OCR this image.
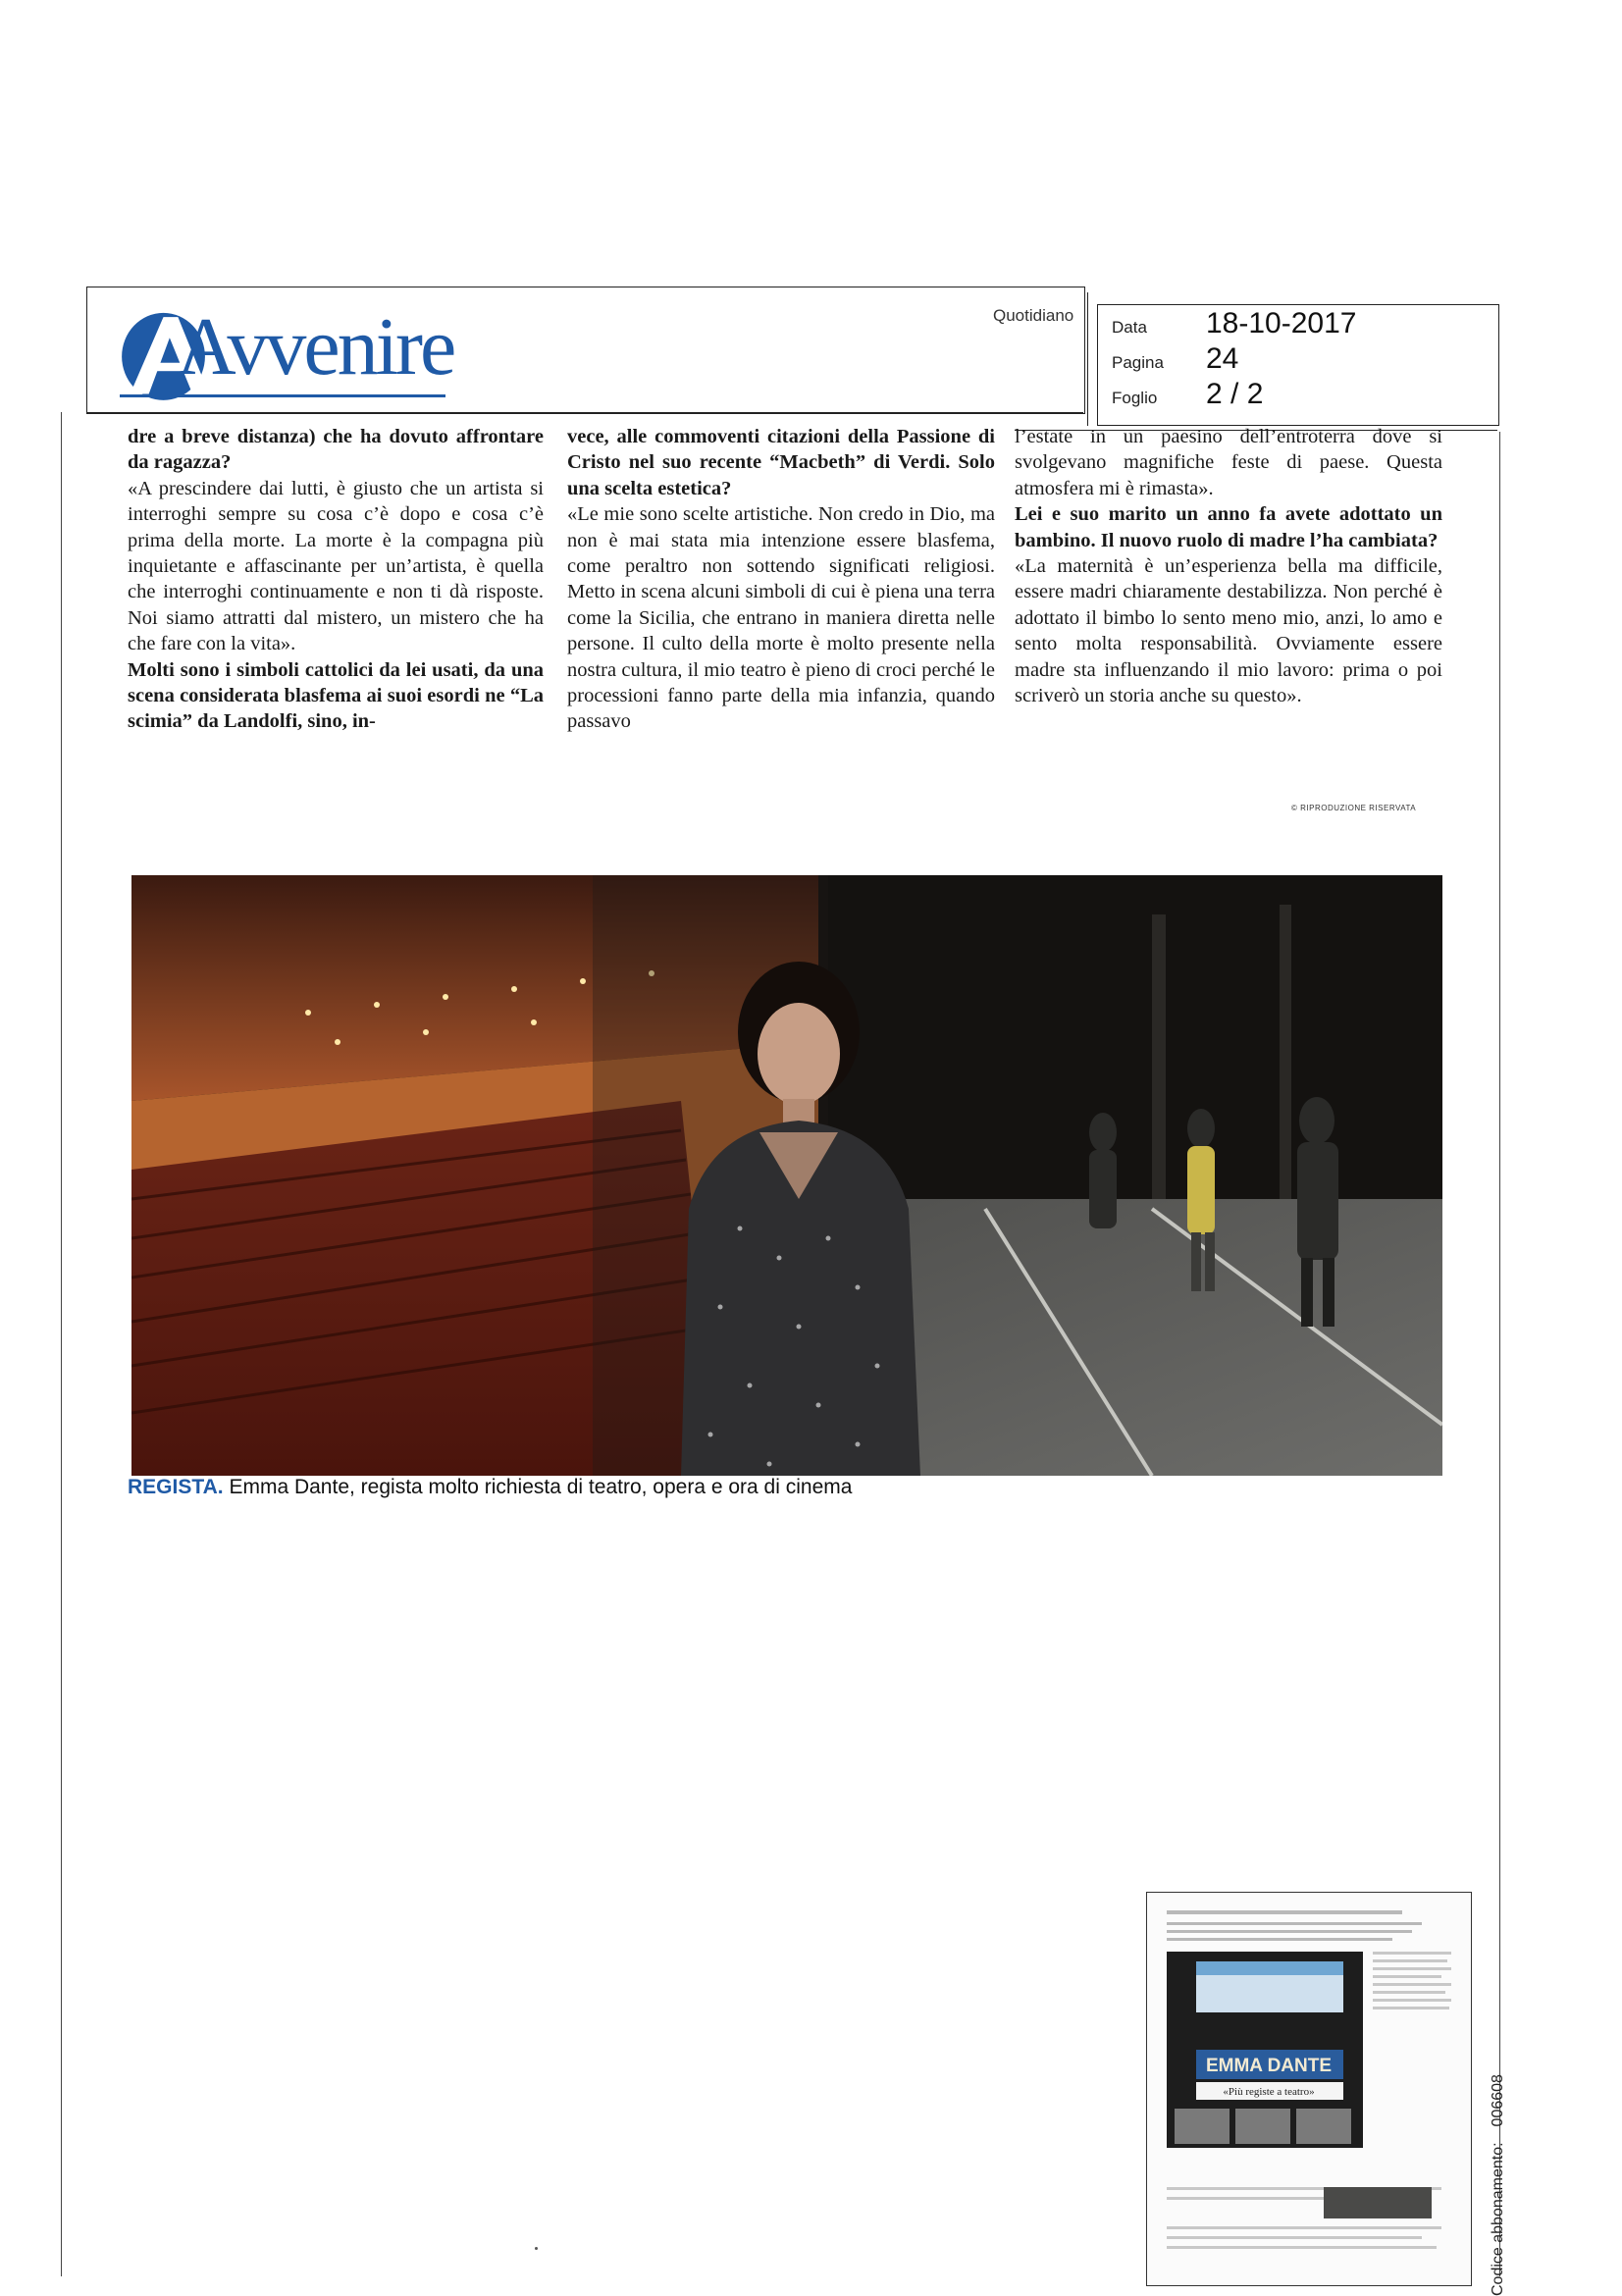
Avvenire	Quotidiano
Data	18-10-2017
Pagina	24
Foglio	2 / 2

dre a breve distanza) che ha dovuto affrontare da ragazza?

«A prescindere dai lutti, è giusto che un artista si interroghi sempre su cosa c’è dopo e cosa c’è prima della morte. La morte è la compagna più inquietante e affascinante per un’artista, è quella che interroghi continuamente e non ti dà risposte. Noi siamo attratti dal mistero, un mistero che ha che fare con la vita».

Molti sono i simboli cattolici da lei usati, da una scena considerata blasfema ai suoi esordi ne “La scimia” da Landolfi, sino, in-

vece, alle commoventi citazioni della Passione di Cristo nel suo recente “Macbeth” di Verdi. Solo una scelta estetica?

«Le mie sono scelte artistiche. Non credo in Dio, ma non è mai stata mia intenzione essere blasfema, come peraltro non sottendo significati religiosi. Metto in scena alcuni simboli di cui è piena una terra come la Sicilia, che entrano in maniera diretta nelle persone. Il culto della morte è molto presente nella nostra cultura, il mio teatro è pieno di croci perché le processioni fanno parte della mia infanzia, quando passavo

l’estate in un paesino dell’entroterra dove si svolgevano magnifiche feste di paese. Questa atmosfera mi è rimasta».

Lei e suo marito un anno fa avete adottato un bambino. Il nuovo ruolo di madre l’ha cambiata?

«La maternità è un’esperienza bella ma difficile, essere madri chiaramente destabilizza. Non perché è adottato il bimbo lo sento meno mio, anzi, lo amo e sento molta responsabilità. Ovviamente essere madre sta influenzando il mio lavoro: prima o poi scriverò un storia anche su questo».

© RIPRODUZIONE RISERVATA
REGISTA. Emma Dante, regista molto richiesta di teatro, opera e ora di cinema
EMMA DANTE
«Più registe a teatro»
Codice abbonamento:006608
